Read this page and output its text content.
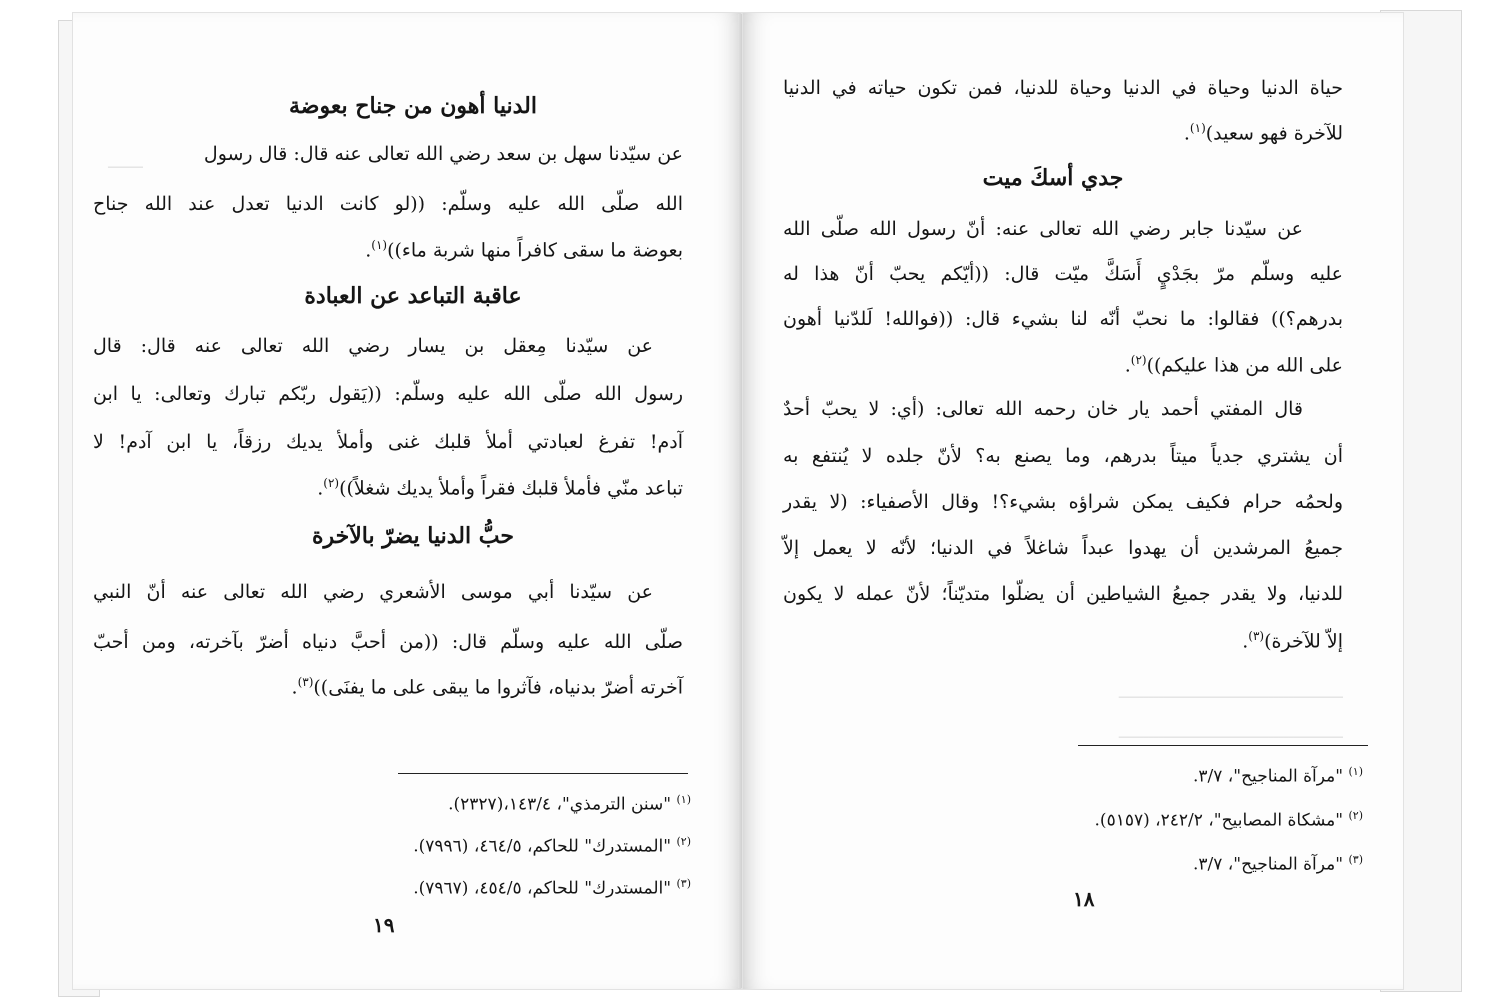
ـــــــ
الدنيا أهون من جناح بعوضة
عن سيّدنا سهل بن سعد رضي الله تعالى عنه قال: قال رسول
الله صلّى الله عليه وسلّم: ((لو كانت الدنيا تعدل عند الله جناح
بعوضة ما سقى كافراً منها شربة ماء))$^{(١)}$.
عاقبة التباعد عن العبادة
عن سيّدنا مِعقل بن يسار رضي الله تعالى عنه قال: قال
رسول الله صلّى الله عليه وسلّم: ((يَقول ربّكم تبارك وتعالى: يا ابن
آدم! تفرغ لعبادتي أملأ قلبك غنى وأملأ يديك رزقاً، يا ابن آدم! لا
تباعد منّي فأملأ قلبك فقراً وأملأ يديك شغلاً))$^{(٢)}$.
حبُّ الدنيا يضرّ بالآخرة
عن سيّدنا أبي موسى الأشعري رضي الله تعالى عنه أنّ النبي
صلّى الله عليه وسلّم قال: ((من أحبَّ دنياه أضرّ بآخرته، ومن أحبّ
آخرته أضرّ بدنياه، فآثروا ما يبقى على ما يفنَى))$^{(٣)}$.
$^{(١)}$ "سنن الترمذي"، ١٤٣/٤،(٢٣٢٧).
$^{(٢)}$ "المستدرك" للحاكم، ٤٦٤/٥، (٧٩٩٦).
$^{(٣)}$ "المستدرك" للحاكم، ٤٥٤/٥، (٧٩٦٧).
١٩
حياة الدنيا وحياة في الدنيا وحياة للدنيا، فمن تكون حياته في الدنيا
للآخرة فهو سعيد)$^{(١)}$.
جدي أسكَ ميت
عن سيّدنا جابر رضي الله تعالى عنه: أنّ رسول الله صلّى الله
عليه وسلّم مرّ بجَدْيٍ أَسَكَّ ميّت قال: ((أيّكم يحبّ أنّ هذا له
بدرهم؟)) فقالوا: ما نحبّ أنّه لنا بشيء قال: ((فوالله! لَلدّنيا أهون
على الله من هذا عليكم))$^{(٢)}$.
قال المفتي أحمد يار خان رحمه الله تعالى: (أي: لا يحبّ أحدٌ
أن يشتري جدياً ميتاً بدرهم، وما يصنع به؟ لأنّ جلده لا يُنتفع به
ولحمُه حرام فكيف يمكن شراؤه بشيء؟! وقال الأصفياء: (لا يقدر
جميعُ المرشدين أن يهدوا عبداً شاغلاً في الدنيا؛ لأنّه لا يعمل إلاّ
للدنيا، ولا يقدر جميعُ الشياطين أن يضلّوا متديّناً؛ لأنّ عمله لا يكون
إلاّ للآخرة)$^{(٣)}$.
ـــــــــــــــــــــــــــــــــــــــــــــ
ـــــــــــــــــــــــــــــــــــــــــــــ
$^{(١)}$ "مرآة المناجيح"، ٣/٧.
$^{(٢)}$ "مشكاة المصابيح"، ٢٤٢/٢، (٥١٥٧).
$^{(٣)}$ "مرآة المناجيح"، ٣/٧.
١٨
